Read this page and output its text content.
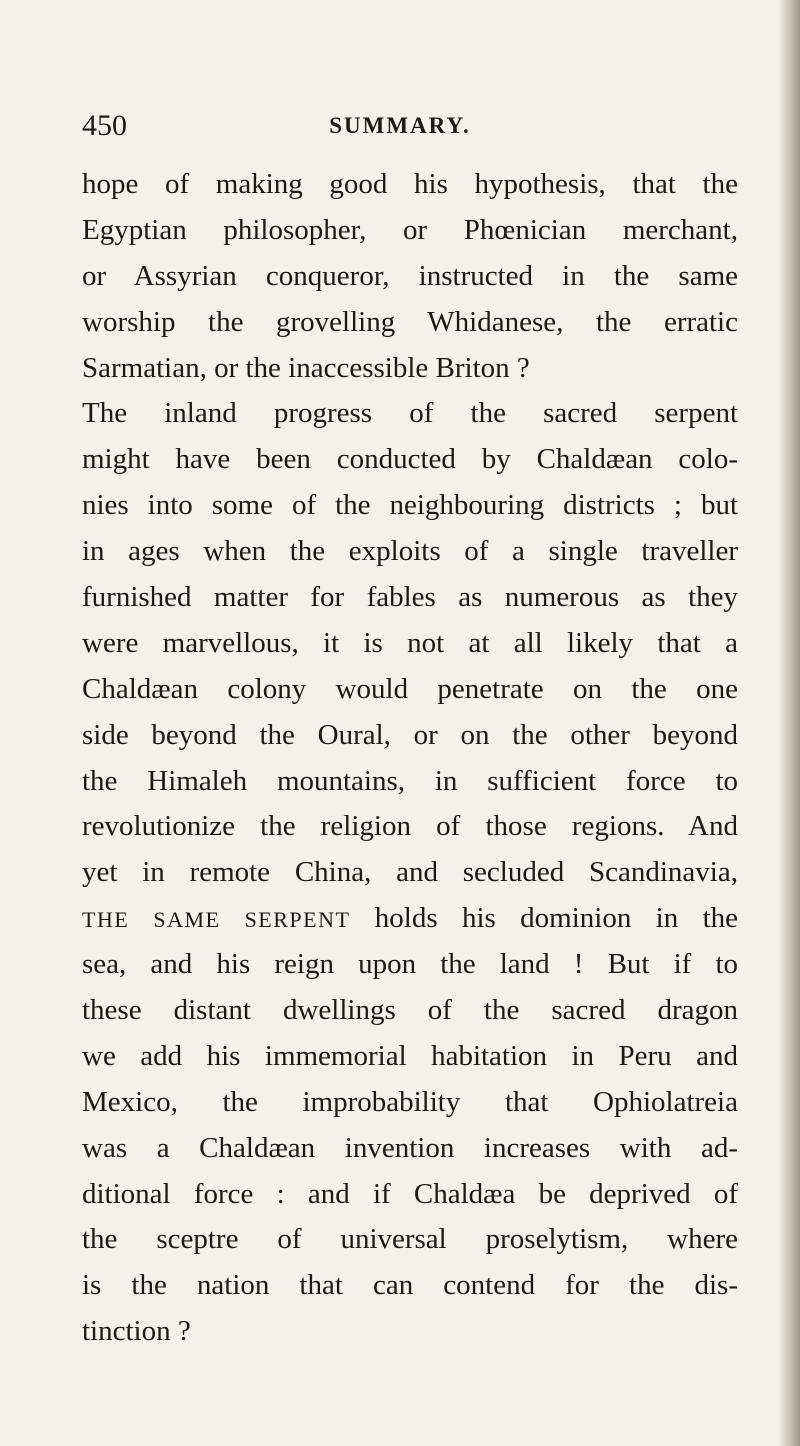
450	SUMMARY.
hope of making good his hypothesis, that the
Egyptian philosopher, or Phœnician merchant,
or Assyrian conqueror, instructed in the same
worship the grovelling Whidanese, the erratic
Sarmatian, or the inaccessible Briton ?
The inland progress of the sacred serpent
might have been conducted by Chaldæan colo-
nies into some of the neighbouring districts ; but
in ages when the exploits of a single traveller
furnished matter for fables as numerous as they
were marvellous, it is not at all likely that a
Chaldæan colony would penetrate on the one
side beyond the Oural, or on the other beyond
the Himaleh mountains, in sufficient force to
revolutionize the religion of those regions. And
yet in remote China, and secluded Scandinavia,
THE SAME SERPENT holds his dominion in the
sea, and his reign upon the land ! But if to
these distant dwellings of the sacred dragon
we add his immemorial habitation in Peru and
Mexico, the improbability that Ophiolatreia
was a Chaldæan invention increases with ad-
ditional force : and if Chaldæa be deprived of
the sceptre of universal proselytism, where
is the nation that can contend for the dis-
tinction ?
